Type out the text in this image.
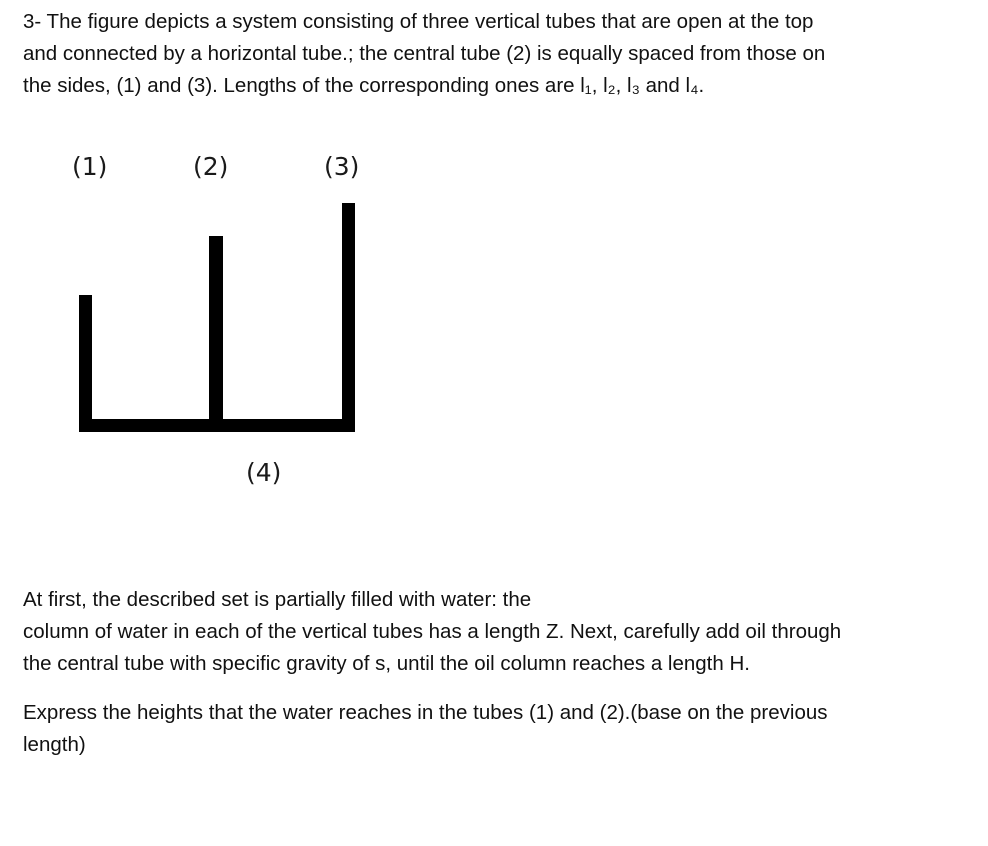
3- The figure depicts a system consisting of three vertical tubes that are open at the top
and connected by a horizontal tube.; the central tube (2) is equally spaced from those on
the sides, (1) and (3). Lengths of the corresponding ones are l₁, l₂, l₃ and l₄.
(1)	(2)	(3)
(4)
At first, the described set is partially filled with water: the
column of water in each of the vertical tubes has a length Z. Next, carefully add oil through
the central tube with specific gravity of s, until the oil column reaches a length H.
Express the heights that the water reaches in the tubes (1) and (2).(base on the previous
length)
